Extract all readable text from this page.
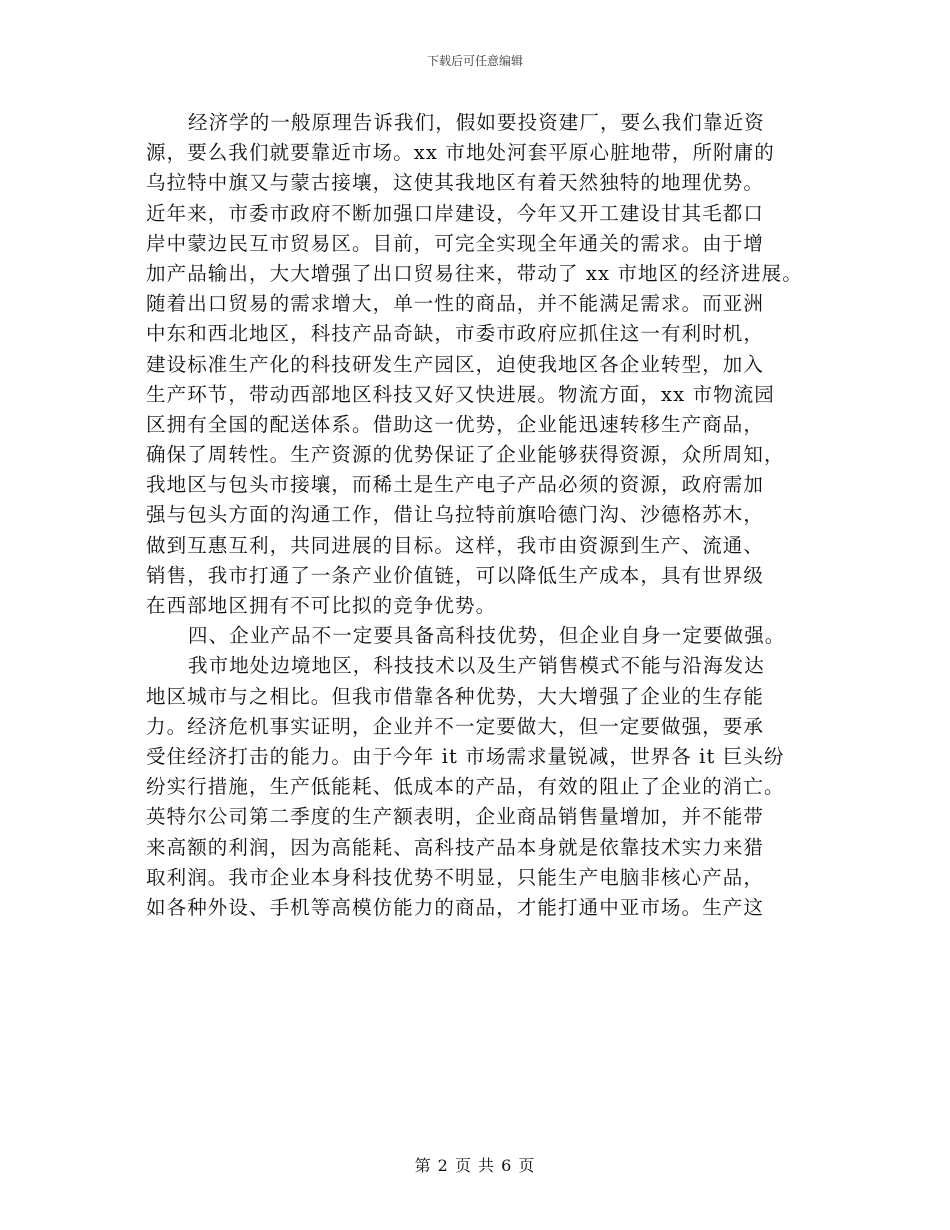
下载后可任意编辑
经济学的一般原理告诉我们，假如要投资建厂，要么我们靠近资
源，要么我们就要靠近市场。xx 市地处河套平原心脏地带，所附庸的
乌拉特中旗又与蒙古接壤，这使其我地区有着天然独特的地理优势。
近年来，市委市政府不断加强口岸建设，今年又开工建设甘其毛都口
岸中蒙边民互市贸易区。目前，可完全实现全年通关的需求。由于增
加产品输出，大大增强了出口贸易往来，带动了 xx 市地区的经济进展。
随着出口贸易的需求增大，单一性的商品，并不能满足需求。而亚洲
中东和西北地区，科技产品奇缺，市委市政府应抓住这一有利时机，
建设标准生产化的科技研发生产园区，迫使我地区各企业转型，加入
生产环节，带动西部地区科技又好又快进展。物流方面，xx 市物流园
区拥有全国的配送体系。借助这一优势，企业能迅速转移生产商品，
确保了周转性。生产资源的优势保证了企业能够获得资源，众所周知，
我地区与包头市接壤，而稀土是生产电子产品必须的资源，政府需加
强与包头方面的沟通工作，借让乌拉特前旗哈德门沟、沙德格苏木，
做到互惠互利，共同进展的目标。这样，我市由资源到生产、流通、
销售，我市打通了一条产业价值链，可以降低生产成本，具有世界级
在西部地区拥有不可比拟的竞争优势。
四、企业产品不一定要具备高科技优势，但企业自身一定要做强。
我市地处边境地区，科技技术以及生产销售模式不能与沿海发达
地区城市与之相比。但我市借靠各种优势，大大增强了企业的生存能
力。经济危机事实证明，企业并不一定要做大，但一定要做强，要承
受住经济打击的能力。由于今年 it 市场需求量锐减，世界各 it 巨头纷
纷实行措施，生产低能耗、低成本的产品，有效的阻止了企业的消亡。
英特尔公司第二季度的生产额表明，企业商品销售量增加，并不能带
来高额的利润，因为高能耗、高科技产品本身就是依靠技术实力来猎
取利润。我市企业本身科技优势不明显，只能生产电脑非核心产品，
如各种外设、手机等高模仿能力的商品，才能打通中亚市场。生产这
第 2 页 共 6 页
